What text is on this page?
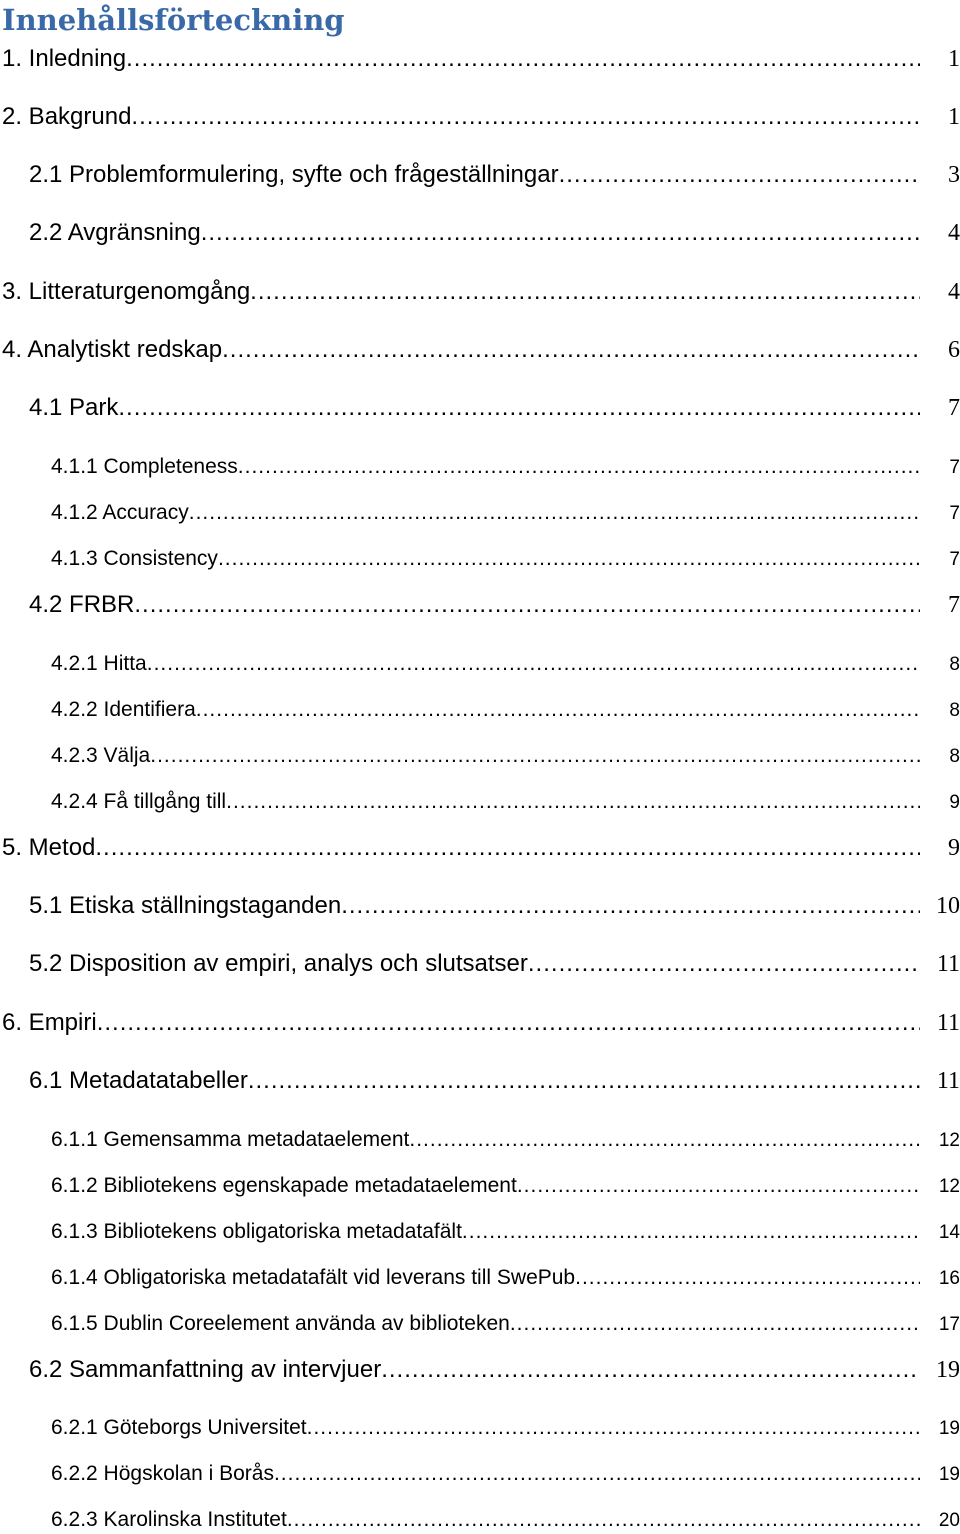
Innehållsförteckning
1. Inledning .....	1
2. Bakgrund .....	1
2.1 Problemformulering, syfte och frågeställningar .....	3
2.2 Avgränsning .....	4
3. Litteraturgenomgång .....	4
4. Analytiskt redskap .....	6
4.1 Park .....	7
4.1.1 Completeness .....	7
4.1.2 Accuracy .....	7
4.1.3 Consistency .....	7
4.2 FRBR .....	7
4.2.1 Hitta .....	8
4.2.2 Identifiera .....	8
4.2.3 Välja .....	8
4.2.4 Få tillgång till .....	9
5. Metod .....	9
5.1 Etiska ställningstaganden .....	10
5.2 Disposition av empiri, analys och slutsatser .....	11
6. Empiri .....	11
6.1 Metadatatabeller .....	11
6.1.1 Gemensamma metadataelement .....	12
6.1.2 Bibliotekens egenskapade metadataelement .....	12
6.1.3 Bibliotekens obligatoriska metadatafält .....	14
6.1.4 Obligatoriska metadatafält vid leverans till SwePub .....	16
6.1.5 Dublin Coreelement använda av biblioteken .....	17
6.2 Sammanfattning av intervjuer .....	19
6.2.1 Göteborgs Universitet .....	19
6.2.2 Högskolan i Borås .....	19
6.2.3 Karolinska Institutet .....	20
